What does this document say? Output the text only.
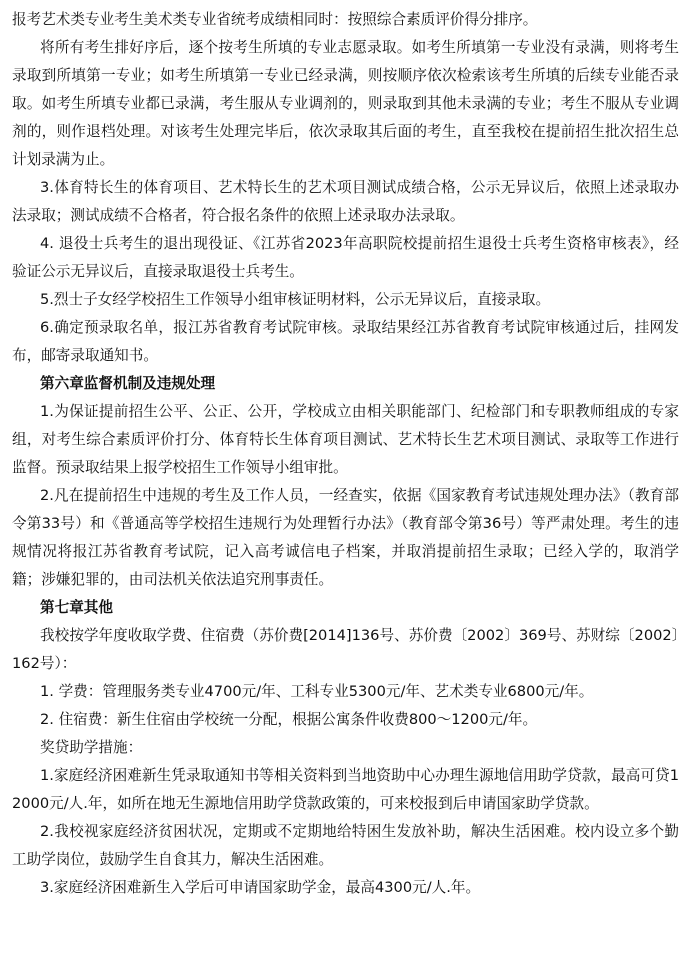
报考艺术类专业考生美术类专业省统考成绩相同时：按照综合素质评价得分排序。

将所有考生排好序后，逐个按考生所填的专业志愿录取。如考生所填第一专业没有录满，则将考生录取到所填第一专业；如考生所填第一专业已经录满，则按顺序依次检索该考生所填的后续专业能否录取。如考生所填专业都已录满，考生服从专业调剂的，则录取到其他未录满的专业；考生不服从专业调剂的，则作退档处理。对该考生处理完毕后，依次录取其后面的考生，直至我校在提前招生批次招生总计划录满为止。

3.体育特长生的体育项目、艺术特长生的艺术项目测试成绩合格，公示无异议后，依照上述录取办法录取；测试成绩不合格者，符合报名条件的依照上述录取办法录取。

4. 退役士兵考生的退出现役证、《江苏省2023年高职院校提前招生退役士兵考生资格审核表》，经验证公示无异议后，直接录取退役士兵考生。

5.烈士子女经学校招生工作领导小组审核证明材料，公示无异议后，直接录取。

6.确定预录取名单，报江苏省教育考试院审核。录取结果经江苏省教育考试院审核通过后，挂网发布，邮寄录取通知书。

第六章监督机制及违规处理

1.为保证提前招生公平、公正、公开，学校成立由相关职能部门、纪检部门和专职教师组成的专家组，对考生综合素质评价打分、体育特长生体育项目测试、艺术特长生艺术项目测试、录取等工作进行监督。预录取结果上报学校招生工作领导小组审批。

2.凡在提前招生中违规的考生及工作人员，一经查实，依据《国家教育考试违规处理办法》（教育部令第33号）和《普通高等学校招生违规行为处理暂行办法》（教育部令第36号）等严肃处理。考生的违规情况将报江苏省教育考试院，记入高考诚信电子档案，并取消提前招生录取；已经入学的，取消学籍；涉嫌犯罪的，由司法机关依法追究刑事责任。

第七章其他

我校按学年度收取学费、住宿费（苏价费[2014]136号、苏价费〔2002〕369号、苏财综〔2002〕162号）：

1. 学费：管理服务类专业4700元/年、工科专业5300元/年、艺术类专业6800元/年。

2. 住宿费：新生住宿由学校统一分配，根据公寓条件收费800～1200元/年。

奖贷助学措施：

1.家庭经济困难新生凭录取通知书等相关资料到当地资助中心办理生源地信用助学贷款，最高可贷12000元/人.年，如所在地无生源地信用助学贷款政策的，可来校报到后申请国家助学贷款。

2.我校视家庭经济贫困状况，定期或不定期地给特困生发放补助，解决生活困难。校内设立多个勤工助学岗位，鼓励学生自食其力，解决生活困难。

3.家庭经济困难新生入学后可申请国家助学金，最高4300元/人.年。
